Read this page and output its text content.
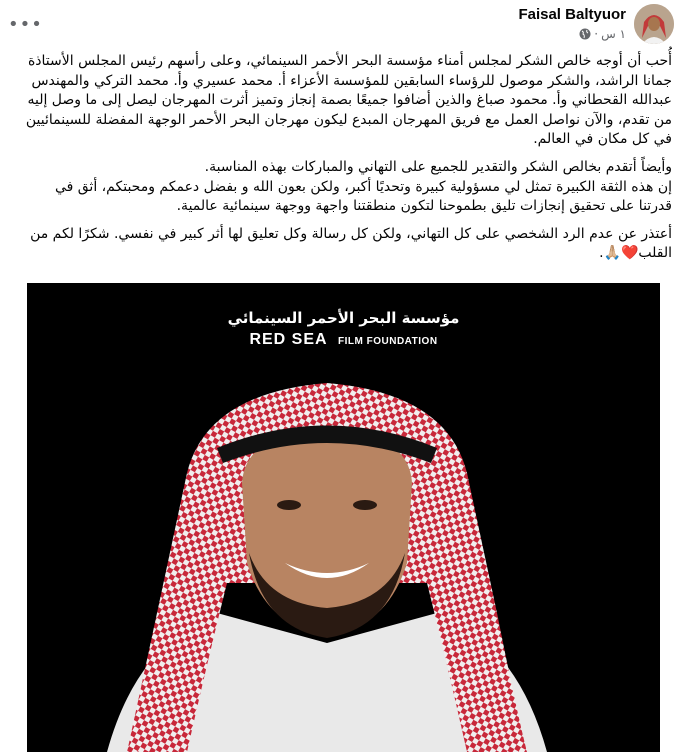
•••	Faisal Baltyuor
١ س
·
أُحب أن أوجه خالص الشكر لمجلس أمناء مؤسسة البحر الأحمر السينمائي، وعلى رأسهم رئيس المجلس الأستاذة
جمانا الراشد، والشكر موصول للرؤساء السابقين للمؤسسة الأعزاء أ. محمد عسيري وأ. محمد التركي والمهندس
عبدالله القحطاني وأ. محمود صباغ والذين أضافوا جميعًا بصمة إنجاز وتميز أثرت المهرجان ليصل إلى ما وصل إليه
من تقدم، والآن نواصل العمل مع فريق المهرجان المبدع ليكون مهرجان البحر الأحمر الوجهة المفضلة للسينمائيين
في كل مكان في العالم.
وأيضاً أتقدم بخالص الشكر والتقدير للجميع على التهاني والمباركات بهذه المناسبة.
إن هذه الثقة الكبيرة تمثل لي مسؤولية كبيرة وتحديًا أكبر، ولكن بعون الله و بفضل دعمكم ومحبتكم، أثق في
قدرتنا على تحقيق إنجازات تليق بطموحنا لتكون منطقتنا واجهة ووجهة سينمائية عالمية.
أعتذر عن عدم الرد الشخصي على كل التهاني، ولكن كل رسالة وكل تعليق لها أثر كبير في نفسي. شكرًا لكم من
القلب❤️🙏🏼.
مؤسسة البحر الأحمر السينمائي
RED SEA FILM FOUNDATION
